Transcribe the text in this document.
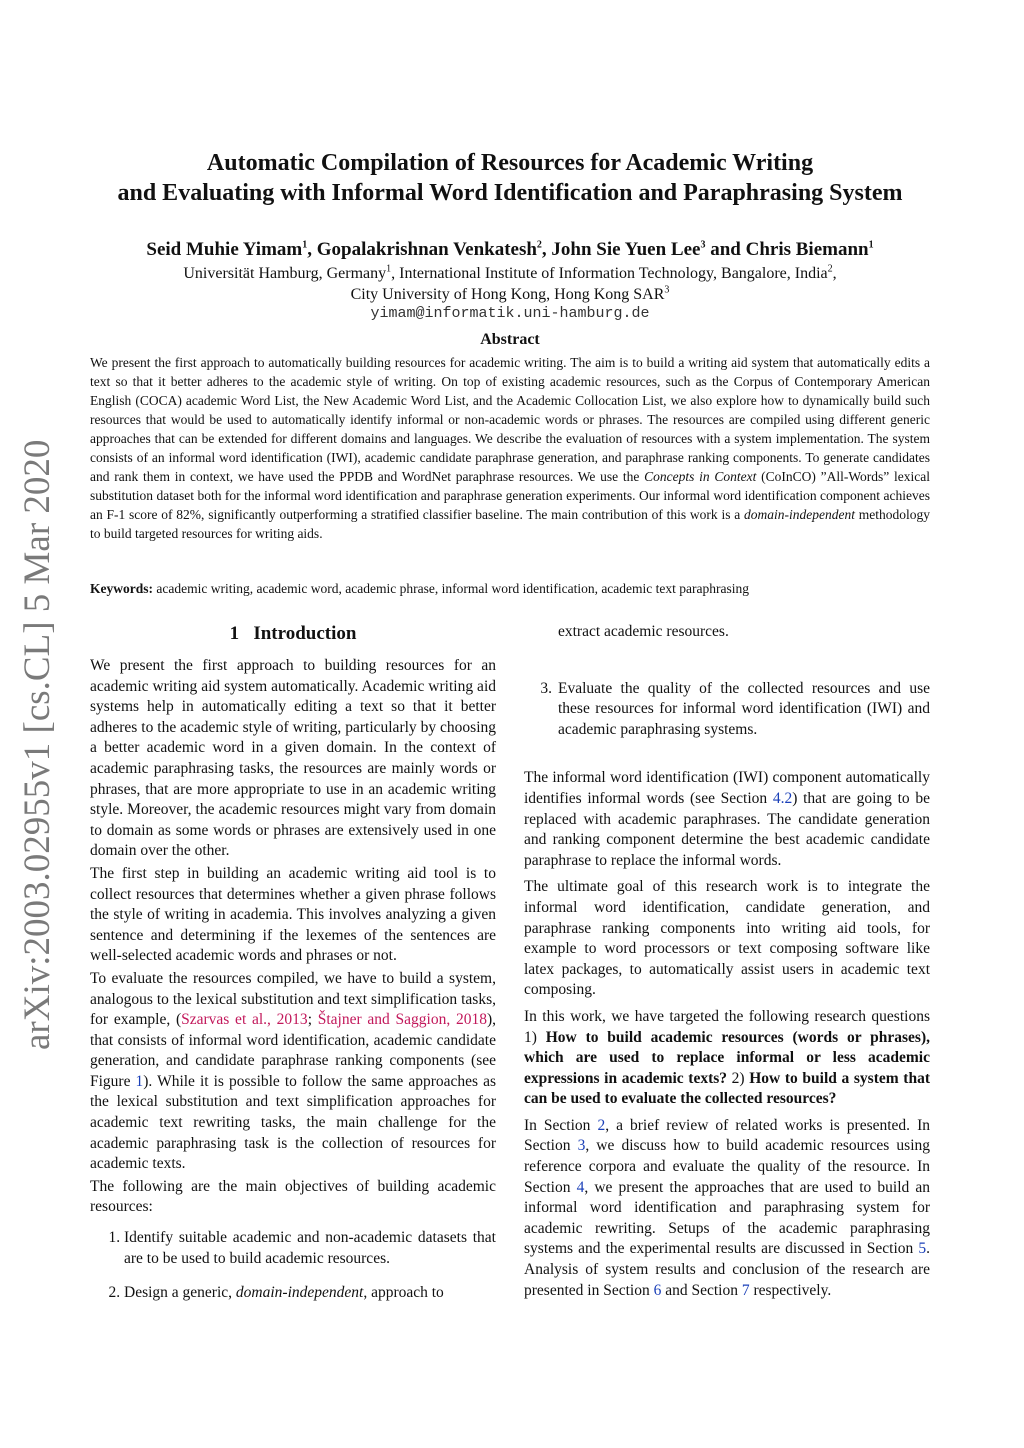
arXiv:2003.02955v1 [cs.CL] 5 Mar 2020
Automatic Compilation of Resources for Academic Writing
and Evaluating with Informal Word Identification and Paraphrasing System
Seid Muhie Yimam$^1$, Gopalakrishnan Venkatesh$^2$, John Sie Yuen Lee$^3$ and Chris Biemann$^1$
Universität Hamburg, Germany$^1$, International Institute of Information Technology, Bangalore, India$^2$,
City University of Hong Kong, Hong Kong SAR$^3$
yimam@informatik.uni-hamburg.de
Abstract
We present the first approach to automatically building resources for academic writing. The aim is to build a writing aid system that automatically edits a text so that it better adheres to the academic style of writing. On top of existing academic resources, such as the Corpus of Contemporary American English (COCA) academic Word List, the New Academic Word List, and the Academic Collocation List, we also explore how to dynamically build such resources that would be used to automatically identify informal or non-academic words or phrases. The resources are compiled using different generic approaches that can be extended for different domains and languages. We describe the evaluation of resources with a system implementation. The system consists of an informal word identification (IWI), academic candidate paraphrase generation, and paraphrase ranking components. To generate candidates and rank them in context, we have used the PPDB and WordNet paraphrase resources. We use the Concepts in Context (CoInCO) ”All-Words” lexical substitution dataset both for the informal word identification and paraphrase generation experiments. Our informal word identification component achieves an F-1 score of 82%, significantly outperforming a stratified classifier baseline. The main contribution of this work is a domain-independent methodology to build targeted resources for writing aids.
Keywords: academic writing, academic word, academic phrase, informal word identification, academic text paraphrasing
1 Introduction

We present the first approach to building resources for an academic writing aid system automatically. Academic writing aid systems help in automatically editing a text so that it better adheres to the academic style of writing, particularly by choosing a better academic word in a given domain. In the context of academic paraphrasing tasks, the resources are mainly words or phrases, that are more appropriate to use in an academic writing style. Moreover, the academic resources might vary from domain to domain as some words or phrases are extensively used in one domain over the other.

The first step in building an academic writing aid tool is to collect resources that determines whether a given phrase follows the style of writing in academia. This involves analyzing a given sentence and determining if the lexemes of the sentences are well-selected academic words and phrases or not.

To evaluate the resources compiled, we have to build a system, analogous to the lexical substitution and text simplification tasks, for example, (Szarvas et al., 2013; Štajner and Saggion, 2018), that consists of informal word identification, academic candidate generation, and candidate paraphrase ranking components (see Figure 1). While it is possible to follow the same approaches as the lexical substitution and text simplification approaches for academic text rewriting tasks, the main challenge for the academic paraphrasing task is the collection of resources for academic texts.

The following are the main objectives of building academic resources:

1. Identify suitable academic and non-academic datasets that are to be used to build academic resources.
2. Design a generic, domain-independent, approach to
extract academic resources.
3. Evaluate the quality of the collected resources and use these resources for informal word identification (IWI) and academic paraphrasing systems.

The informal word identification (IWI) component automatically identifies informal words (see Section 4.2) that are going to be replaced with academic paraphrases. The candidate generation and ranking component determine the best academic candidate paraphrase to replace the informal words.

The ultimate goal of this research work is to integrate the informal word identification, candidate generation, and paraphrase ranking components into writing aid tools, for example to word processors or text composing software like latex packages, to automatically assist users in academic text composing.

In this work, we have targeted the following research questions 1) How to build academic resources (words or phrases), which are used to replace informal or less academic expressions in academic texts? 2) How to build a system that can be used to evaluate the collected resources?

In Section 2, a brief review of related works is presented. In Section 3, we discuss how to build academic resources using reference corpora and evaluate the quality of the resource. In Section 4, we present the approaches that are used to build an informal word identification and paraphrasing system for academic rewriting. Setups of the academic paraphrasing systems and the experimental results are discussed in Section 5. Analysis of system results and conclusion of the research are presented in Section 6 and Section 7 respectively.
